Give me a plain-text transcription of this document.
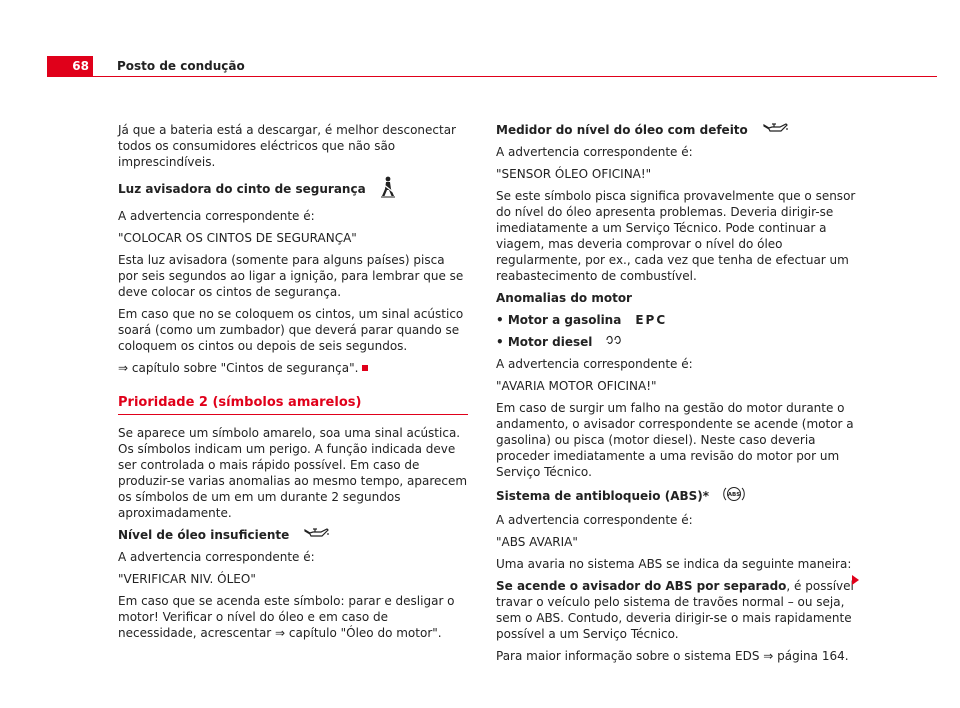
68	Posto de condução

Já que a bateria está a descargar, é melhor desconectar todos os consumidores eléctricos que não são imprescindíveis.

Luz avisadora do cinto de segurança

A advertencia correspondente é:

"COLOCAR OS CINTOS DE SEGURANÇA"

Esta luz avisadora (somente para alguns países) pisca por seis segundos ao ligar a ignição, para lembrar que se deve colocar os cintos de segurança.

Em caso que no se coloquem os cintos, um sinal acústico soará (como um zumbador) que deverá parar quando se coloquem os cintos ou depois de seis segundos.

⇒ capítulo sobre "Cintos de segurança".

Prioridade 2 (símbolos amarelos)

Se aparece um símbolo amarelo, soa uma sinal acústica. Os símbolos indicam um perigo. A função indicada deve ser controlada o mais rápido possível. Em caso de produzir-se varias anomalias ao mesmo tempo, aparecem os símbolos de um em um durante 2 segundos aproximadamente.

Nível de óleo insuficiente

A advertencia correspondente é:

"VERIFICAR NIV. ÓLEO"

Em caso que se acenda este símbolo: parar e desligar o motor! Verificar o nível do óleo e em caso de necessidade, acrescentar ⇒ capítulo "Óleo do motor".

Medidor do nível do óleo com defeito

A advertencia correspondente é:

"SENSOR ÓLEO OFICINA!"

Se este símbolo pisca significa provavelmente que o sensor do nível do óleo apresenta problemas. Deveria dirigir-se imediatamente a um Serviço Técnico. Pode continuar a viagem, mas deveria comprovar o nível do óleo regularmente, por ex., cada vez que tenha de efectuar um reabastecimento de combustível.

Anomalias do motor
• Motor a gasolina EPC
• Motor diesel

A advertencia correspondente é:

"AVARIA MOTOR OFICINA!"

Em caso de surgir um falho na gestão do motor durante o andamento, o avisador correspondente se acende (motor a gasolina) ou pisca (motor diesel). Neste caso deveria proceder imediatamente a uma revisão do motor por um Serviço Técnico.

Sistema de antibloqueio (ABS)*	ABS

A advertencia correspondente é:

"ABS AVARIA"

Uma avaria no sistema ABS se indica da seguinte maneira:

Se acende o avisador do ABS por separado, é possível travar o veículo pelo sistema de travões normal – ou seja, sem o ABS. Contudo, deveria dirigir-se o mais rapidamente possível a um Serviço Técnico.

Para maior informação sobre o sistema EDS ⇒ página 164.
